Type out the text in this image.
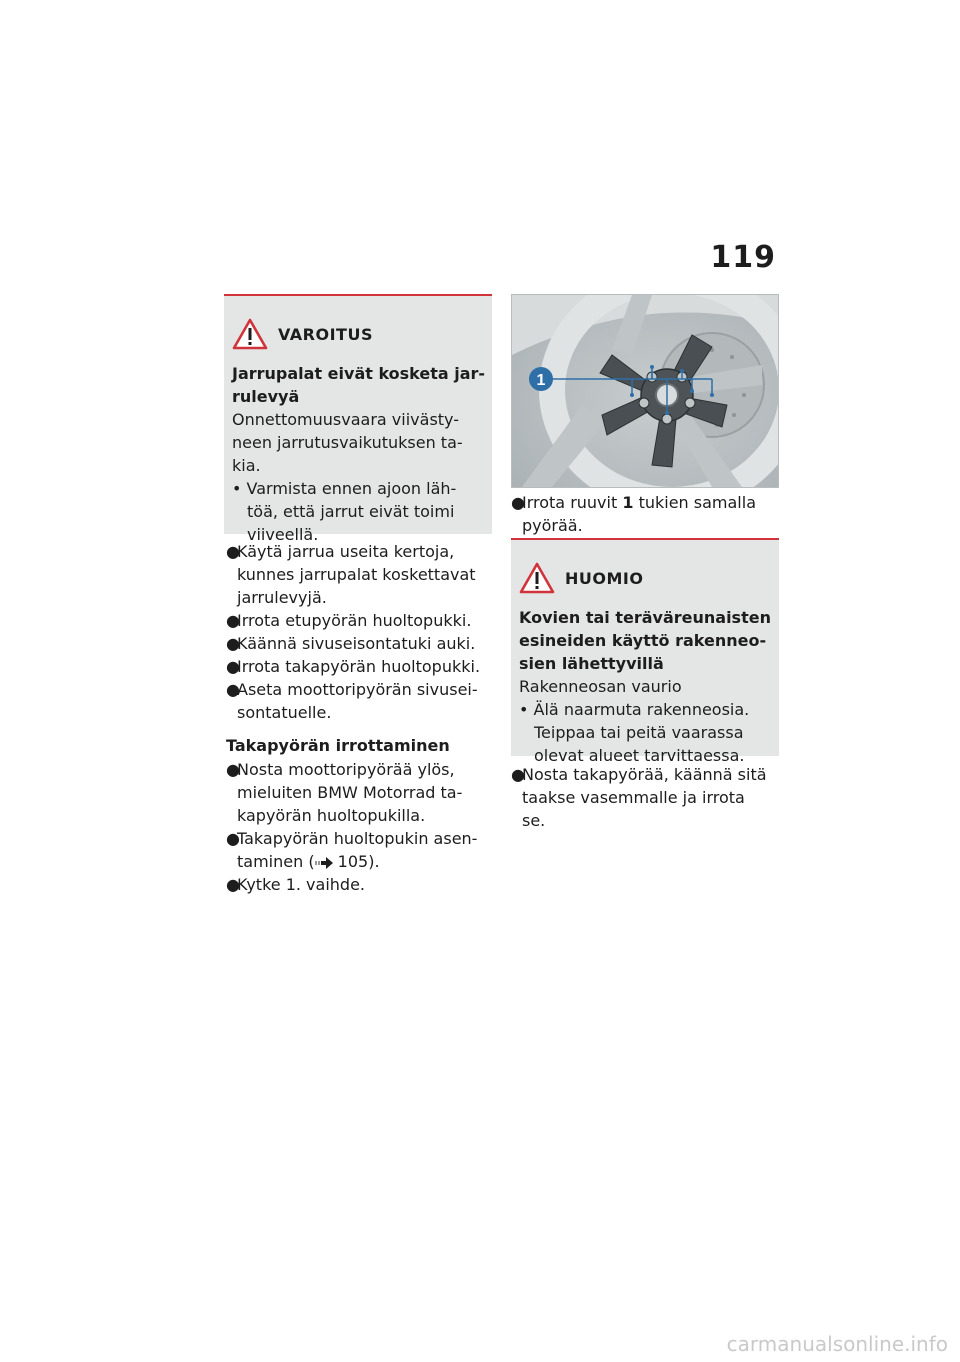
119
VAROITUS
Jarrupalat eivät kosketa jar-
rulevyä
Onnettomuusvaara viivästy-
neen jarrutusvaikutuksen ta-
kia.
• Varmista ennen ajoon läh-
töä, että jarrut eivät toimi
viiveellä.
●Käytä jarrua useita kertoja,
kunnes jarrupalat koskettavat
jarrulevyjä.
●Irrota etupyörän huoltopukki.
●Käännä sivuseisontatuki auki.
●Irrota takapyörän huoltopukki.
●Aseta moottoripyörän sivusei-
sontatuelle.
Takapyörän irrottaminen
●Nosta moottoripyörää ylös,
mieluiten BMW Motorrad ta-
kapyörän huoltopukilla.
●Takapyörän huoltopukin asen-
taminen ( 105).
●Kytke 1. vaihde.
1
●Irrota ruuvit 1 tukien samalla
pyörää.
HUOMIO
Kovien tai teräväreunaisten
esineiden käyttö rakenneo-
sien lähettyvillä
Rakenneosan vaurio
• Älä naarmuta rakenneosia.
Teippaa tai peitä vaarassa
olevat alueet tarvittaessa.
●Nosta takapyörää, käännä sitä
taakse vasemmalle ja irrota
se.
carmanualsonline.info
